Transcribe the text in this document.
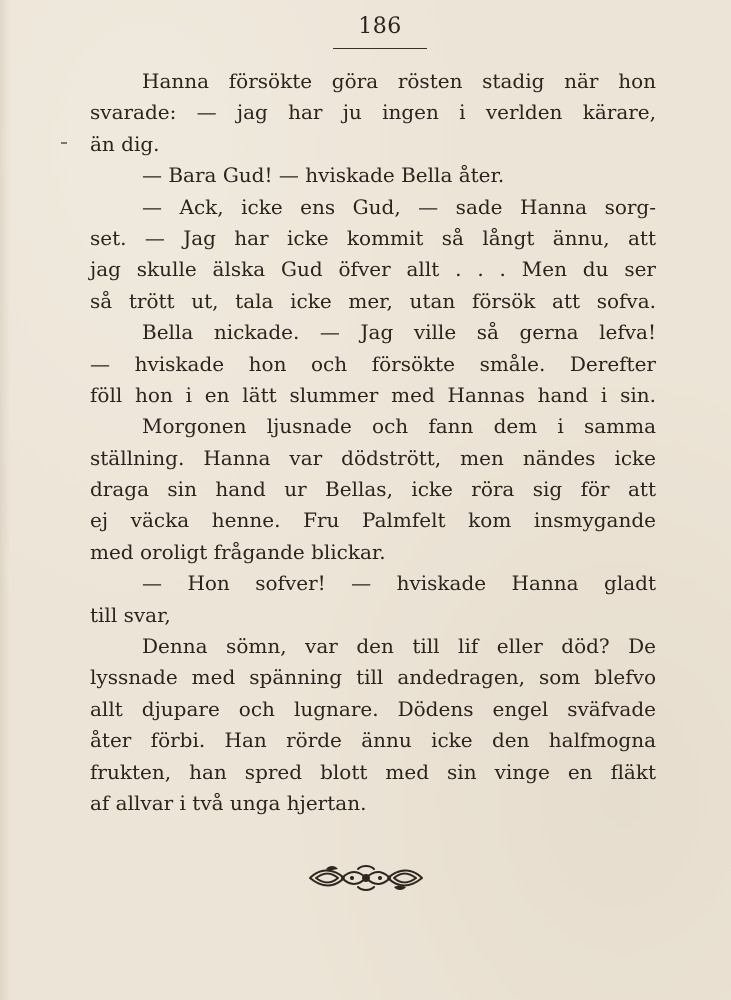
186
Hanna försökte göra rösten stadig när hon
svarade: — jag har ju ingen i verlden kärare,
än dig.
— Bara Gud! — hviskade Bella åter.
— Ack, icke ens Gud, — sade Hanna sorg-
set. — Jag har icke kommit så långt ännu, att
jag skulle älska Gud öfver allt . . . Men du ser
så trött ut, tala icke mer, utan försök att sofva.
Bella nickade. — Jag ville så gerna lefva!
— hviskade hon och försökte småle. Derefter
föll hon i en lätt slummer med Hannas hand i sin.
Morgonen ljusnade och fann dem i samma
ställning. Hanna var dödstrött, men nändes icke
draga sin hand ur Bellas, icke röra sig för att
ej väcka henne. Fru Palmfelt kom insmygande
med oroligt frågande blickar.
— Hon sofver! — hviskade Hanna gladt
till svar,
Denna sömn, var den till lif eller död? De
lyssnade med spänning till andedragen, som blefvo
allt djupare och lugnare. Dödens engel sväfvade
åter förbi. Han rörde ännu icke den halfmogna
frukten, han spred blott med sin vinge en fläkt
af allvar i två unga hjertan.
